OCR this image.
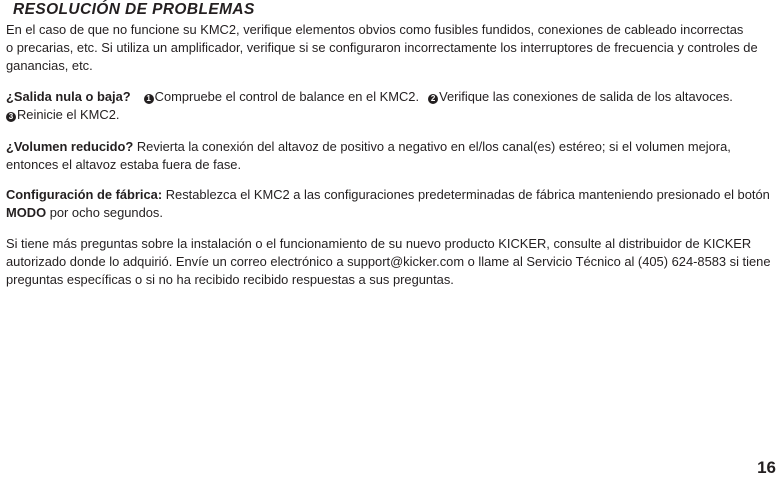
RESOLUCIÓN DE PROBLEMAS

En el caso de que no funcione su KMC2, verifique elementos obvios como fusibles fundidos, conexiones de cableado incorrectas
o precarias, etc. Si utiliza un amplificador, verifique si se configuraron incorrectamente los interruptores de frecuencia y controles de
ganancias, etc.

¿Salida nula o baja? 1 Compruebe el control de balance en el KMC2. 2 Verifique las conexiones de salida de los altavoces.
3 Reinicie el KMC2.

¿Volumen reducido? Revierta la conexión del altavoz de positivo a negativo en el/los canal(es) estéreo; si el volumen mejora,
entonces el altavoz estaba fuera de fase.

Configuración de fábrica: Restablezca el KMC2 a las configuraciones predeterminadas de fábrica manteniendo presionado el botón
MODO por ocho segundos.

Si tiene más preguntas sobre la instalación o el funcionamiento de su nuevo producto KICKER, consulte al distribuidor de KICKER
autorizado donde lo adquirió. Envíe un correo electrónico a support@kicker.com o llame al Servicio Técnico al (405) 624-8583 si tiene
preguntas específicas o si no ha recibido recibido respuestas a sus preguntas.

16
